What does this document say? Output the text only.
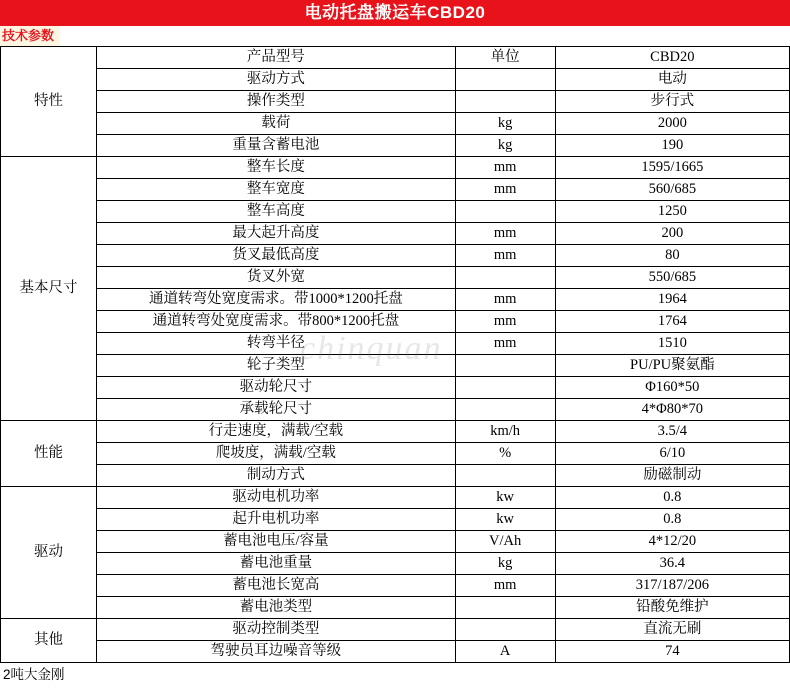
电动托盘搬运车CBD20
技术参数
特性	产品型号	单位	CBD20
	驱动方式		电动
	操作类型		步行式
	载荷	kg	2000
	重量含蓄电池	kg	190
基本尺寸	整车长度	mm	1595/1665
	整车宽度	mm	560/685
	整车高度		1250
	最大起升高度	mm	200
	货叉最低高度	mm	80
	货叉外宽		550/685
	通道转弯处宽度需求。带1000*1200托盘	mm	1964
	通道转弯处宽度需求。带800*1200托盘	mm	1764
	转弯半径	mm	1510
	轮子类型		PU/PU聚氨酯
	驱动轮尺寸		Φ160*50
	承载轮尺寸		4*Φ80*70
性能	行走速度，满载/空载	km/h	3.5/4
	爬坡度，满载/空载	%	6/10
	制动方式		励磁制动
驱动	驱动电机功率	kw	0.8
	起升电机功率	kw	0.8
	蓄电池电压/容量	V/Ah	4*12/20
	蓄电池重量	kg	36.4
	蓄电池长宽高	mm	317/187/206
	蓄电池类型		铅酸免维护
其他	驱动控制类型		直流无刷
	驾驶员耳边噪音等级	A	74
2吨大金刚
chinquan
